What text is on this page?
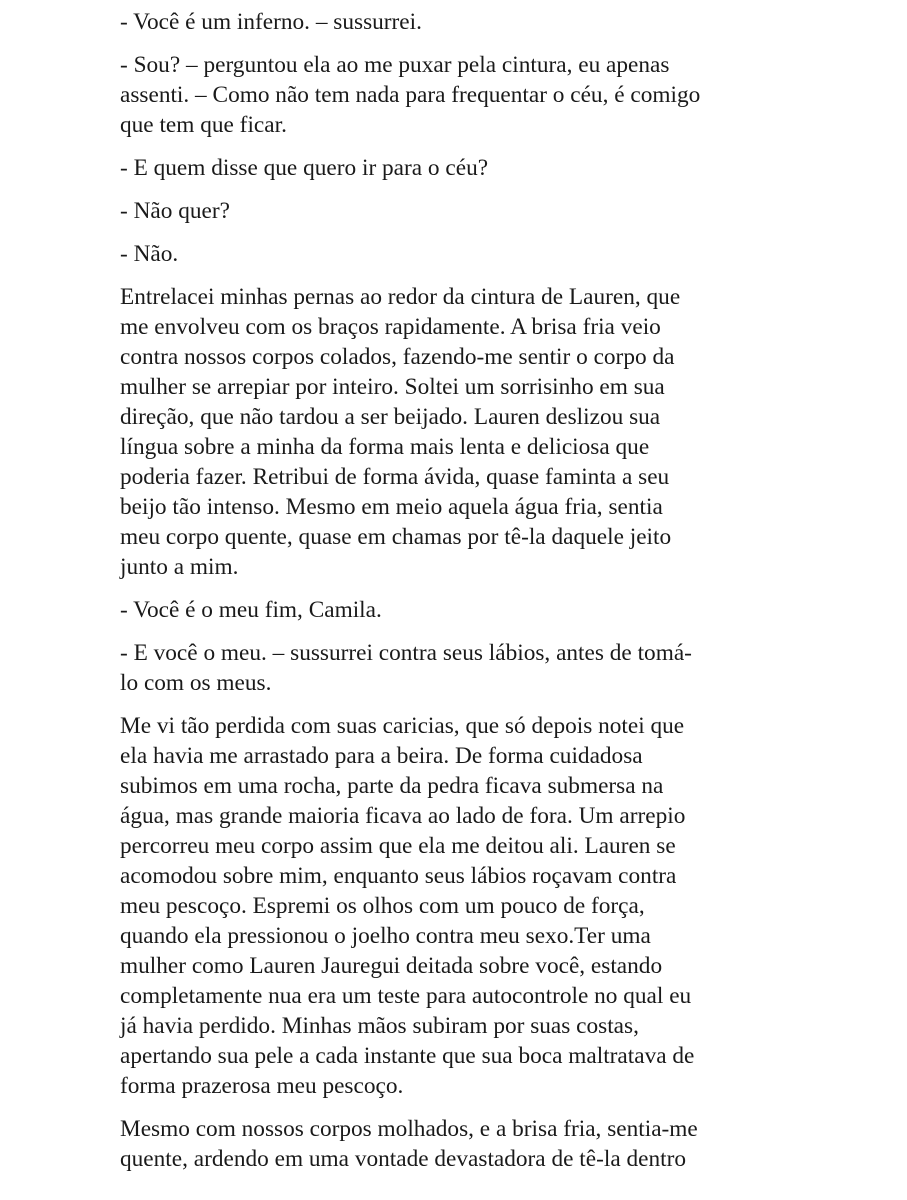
- Você é um inferno. – sussurrei.

- Sou? – perguntou ela ao me puxar pela cintura, eu apenas
assenti. – Como não tem nada para frequentar o céu, é comigo
que tem que ficar.

- E quem disse que quero ir para o céu?

- Não quer?

- Não.

Entrelacei minhas pernas ao redor da cintura de Lauren, que
me envolveu com os braços rapidamente. A brisa fria veio
contra nossos corpos colados, fazendo-me sentir o corpo da
mulher se arrepiar por inteiro. Soltei um sorrisinho em sua
direção, que não tardou a ser beijado. Lauren deslizou sua
língua sobre a minha da forma mais lenta e deliciosa que
poderia fazer. Retribui de forma ávida, quase faminta a seu
beijo tão intenso. Mesmo em meio aquela água fria, sentia
meu corpo quente, quase em chamas por tê-la daquele jeito
junto a mim.

- Você é o meu fim, Camila.

- E você o meu. – sussurrei contra seus lábios, antes de tomá-
lo com os meus.

Me vi tão perdida com suas caricias, que só depois notei que
ela havia me arrastado para a beira. De forma cuidadosa
subimos em uma rocha, parte da pedra ficava submersa na
água, mas grande maioria ficava ao lado de fora. Um arrepio
percorreu meu corpo assim que ela me deitou ali. Lauren se
acomodou sobre mim, enquanto seus lábios roçavam contra
meu pescoço. Espremi os olhos com um pouco de força,
quando ela pressionou o joelho contra meu sexo.Ter uma
mulher como Lauren Jauregui deitada sobre você, estando
completamente nua era um teste para autocontrole no qual eu
já havia perdido. Minhas mãos subiram por suas costas,
apertando sua pele a cada instante que sua boca maltratava de
forma prazerosa meu pescoço.

Mesmo com nossos corpos molhados, e a brisa fria, sentia-me
quente, ardendo em uma vontade devastadora de tê-la dentro
